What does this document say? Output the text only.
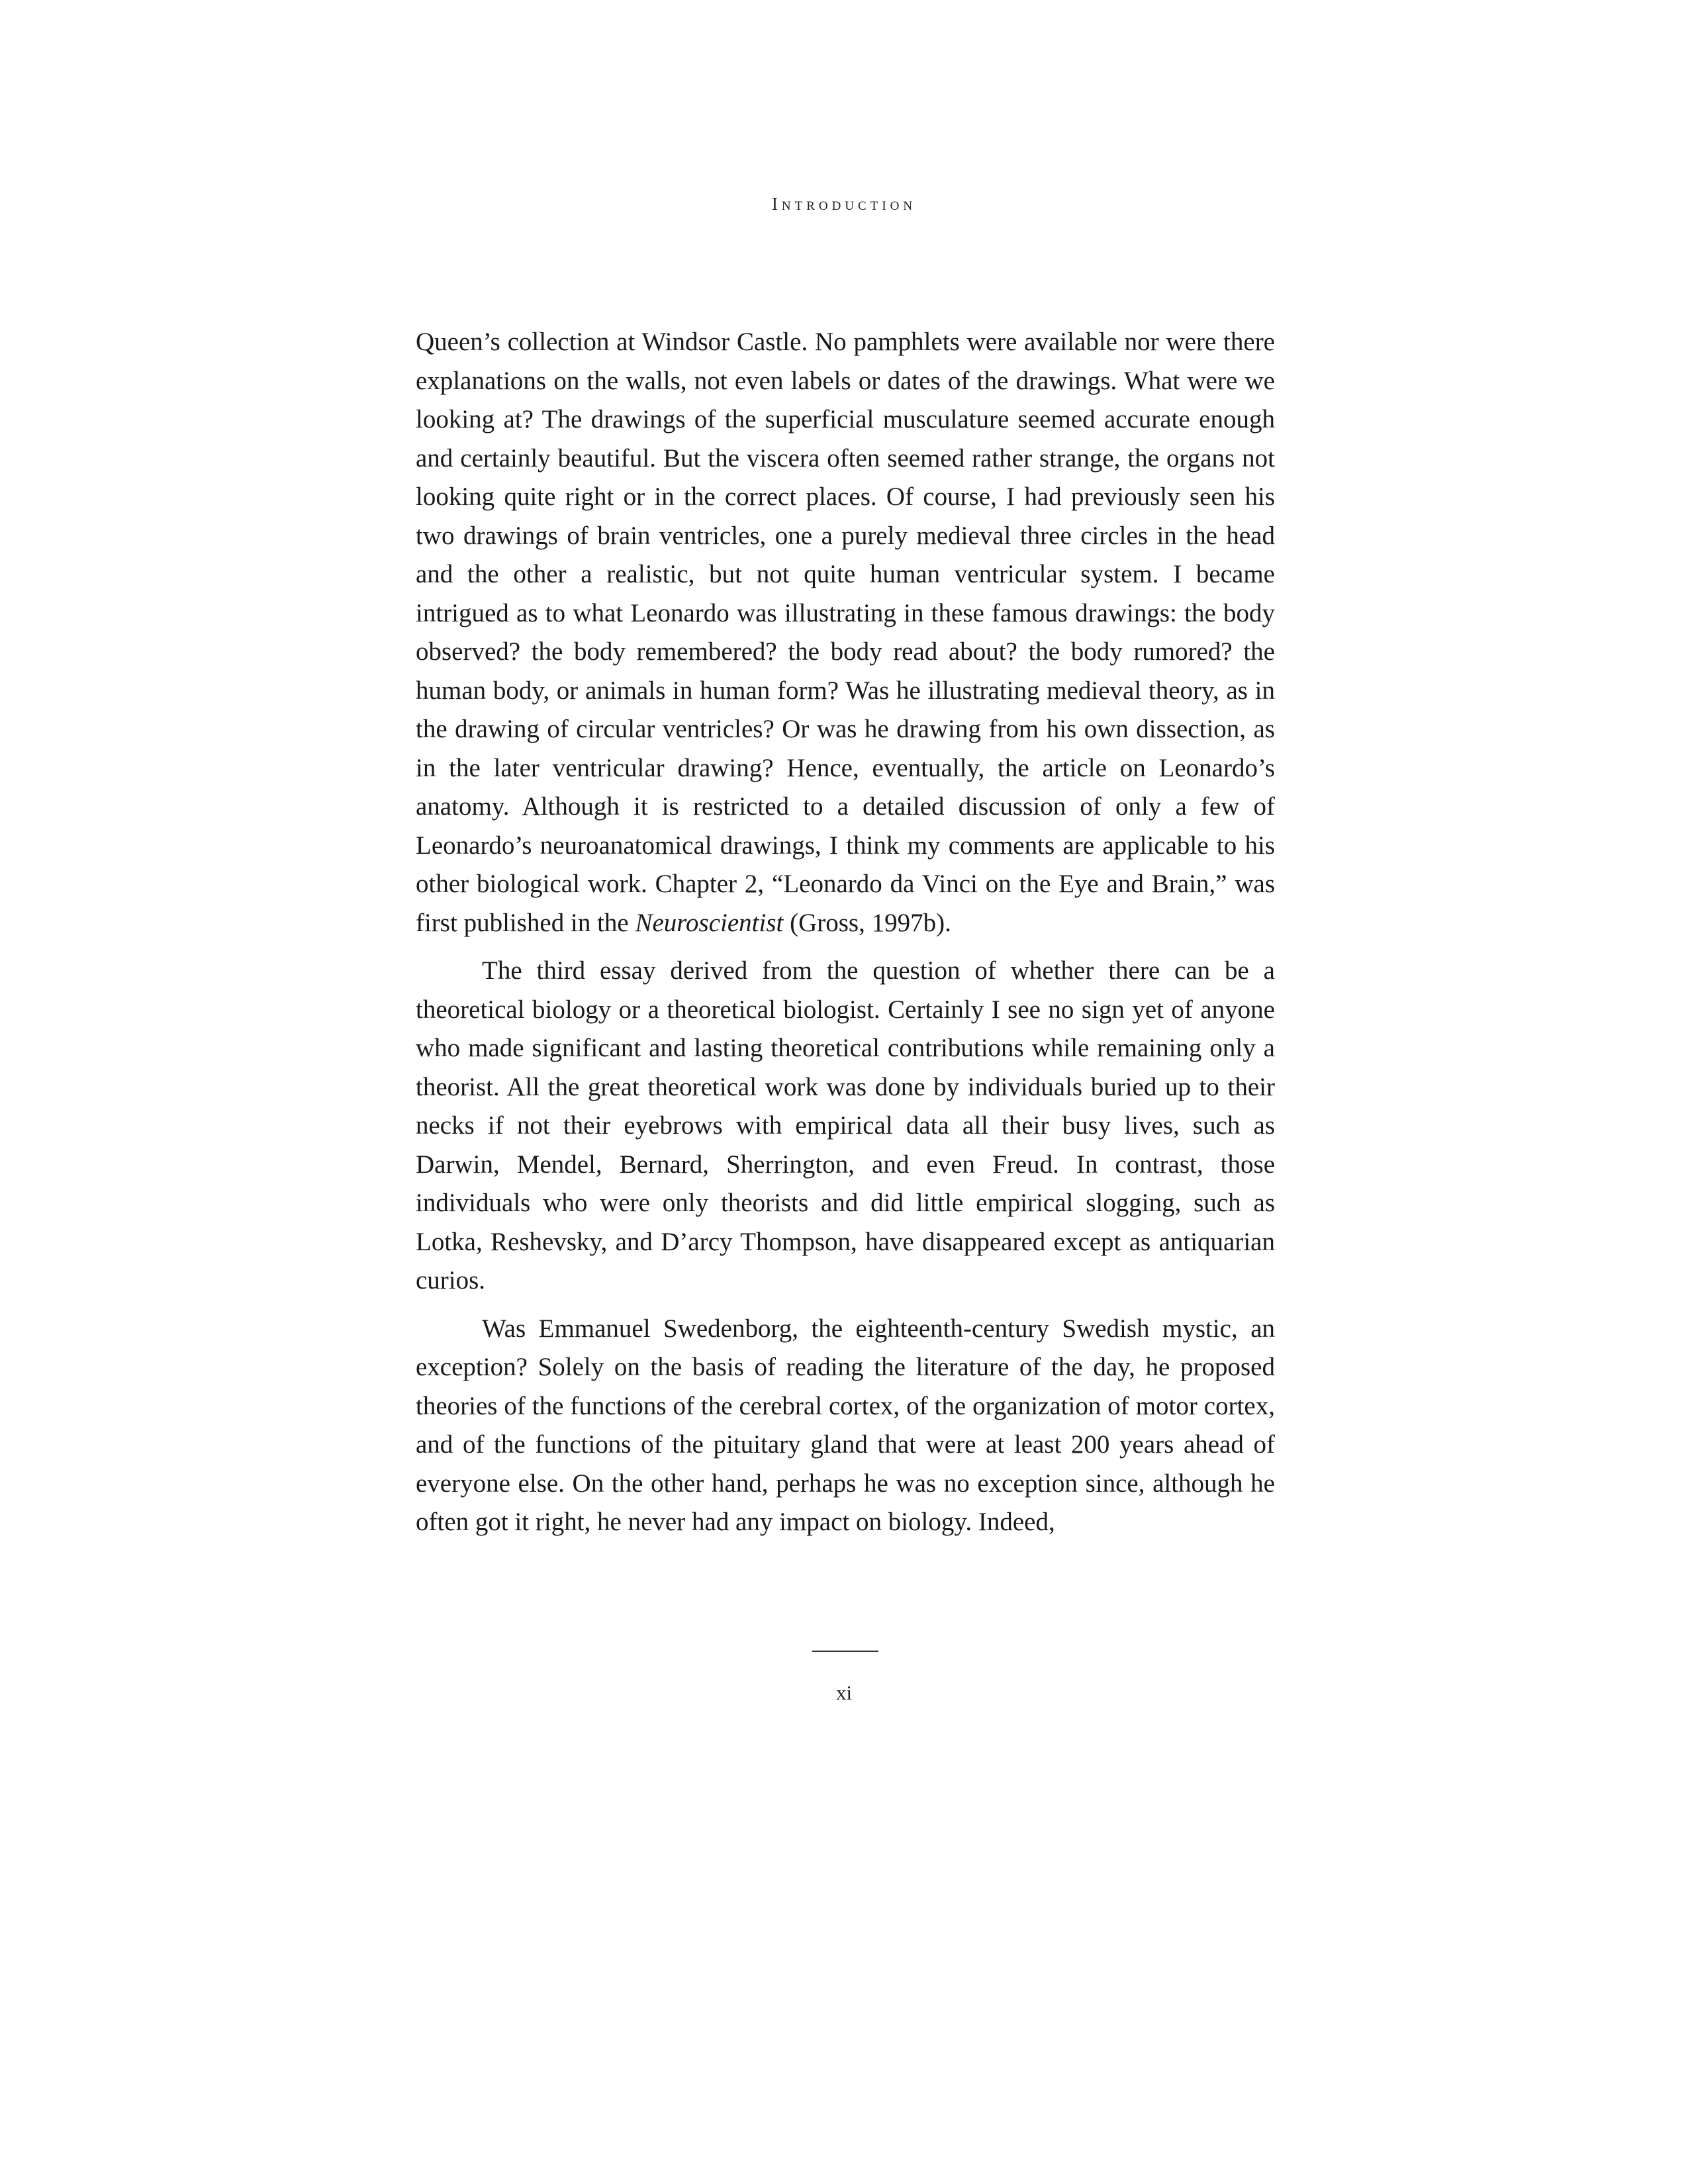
Introduction

Queen’s collection at Windsor Castle. No pamphlets were available nor were there explanations on the walls, not even labels or dates of the drawings. What were we looking at? The drawings of the superficial musculature seemed accurate enough and certainly beautiful. But the viscera often seemed rather strange, the organs not looking quite right or in the correct places. Of course, I had previously seen his two drawings of brain ventricles, one a purely medieval three circles in the head and the other a realistic, but not quite human ventricular system. I became intrigued as to what Leonardo was illustrating in these famous drawings: the body observed? the body remembered? the body read about? the body rumored? the human body, or animals in human form? Was he illustrating medieval theory, as in the drawing of circular ventricles? Or was he drawing from his own dissection, as in the later ventricular drawing? Hence, eventually, the article on Leonardo’s anatomy. Although it is restricted to a detailed discussion of only a few of Leonardo’s neuroanatomical drawings, I think my comments are applicable to his other biological work. Chapter 2, “Leonardo da Vinci on the Eye and Brain,” was first published in the Neuroscientist (Gross, 1997b).

The third essay derived from the question of whether there can be a theoretical biology or a theoretical biologist. Certainly I see no sign yet of anyone who made significant and lasting theoretical contributions while remaining only a theorist. All the great theoretical work was done by individuals buried up to their necks if not their eyebrows with empirical data all their busy lives, such as Darwin, Mendel, Bernard, Sherrington, and even Freud. In contrast, those individuals who were only theorists and did little empirical slogging, such as Lotka, Reshevsky, and D’arcy Thompson, have disappeared except as antiquarian curios.

Was Emmanuel Swedenborg, the eighteenth-century Swedish mystic, an exception? Solely on the basis of reading the literature of the day, he proposed theories of the functions of the cerebral cortex, of the organization of motor cortex, and of the functions of the pituitary gland that were at least 200 years ahead of everyone else. On the other hand, perhaps he was no exception since, although he often got it right, he never had any impact on biology. Indeed,

xi
